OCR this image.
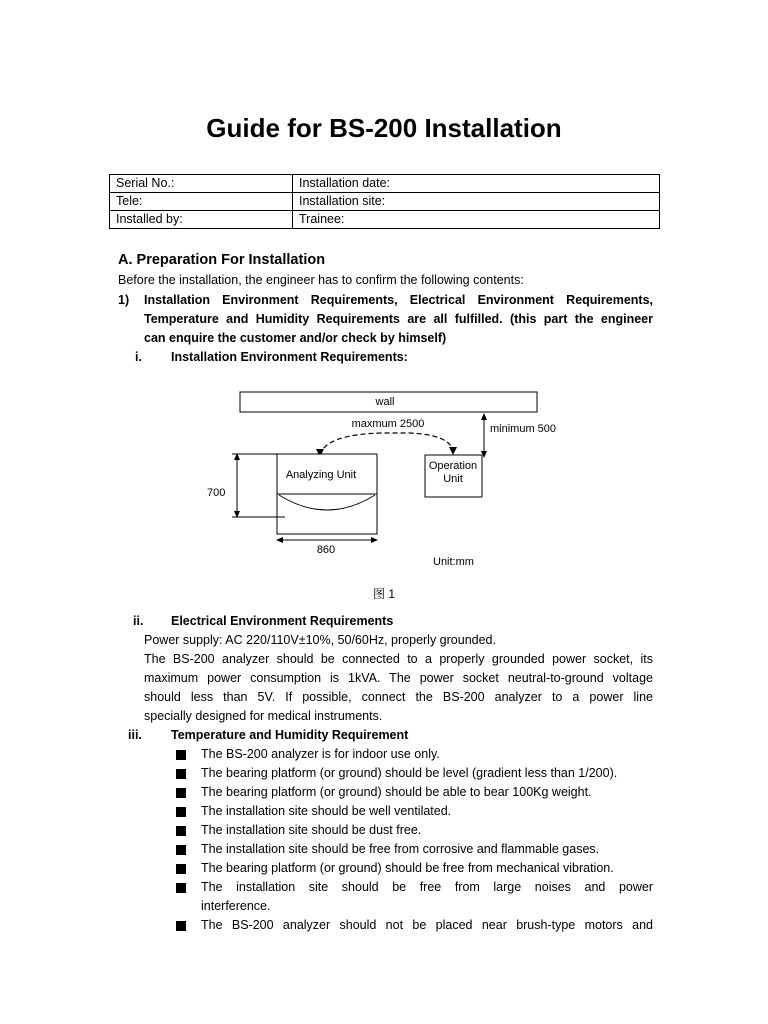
Guide for BS-200 Installation
Serial No.:	Installation date:
Tele:	Installation site:
Installed by:	Trainee:
A. Preparation For Installation
Before the installation, the engineer has to confirm the following contents:
1) Installation Environment Requirements, Electrical Environment Requirements,
Temperature and Humidity Requirements are all fulfilled. (this part the engineer
can enquire the customer and/or check by himself)
i. Installation Environment Requirements:
wall
minimum 500
maxmum 2500
Analyzing Unit
Operation
Unit
700
860
Unit:mm
图 1
ii. Electrical Environment Requirements
Power supply: AC 220/110V±10%, 50/60Hz, properly grounded.
The BS-200 analyzer should be connected to a properly grounded power socket, its
maximum power consumption is 1kVA. The power socket neutral-to-ground voltage
should less than 5V. If possible, connect the BS-200 analyzer to a power line
specially designed for medical instruments.
iii. Temperature and Humidity Requirement
The BS-200 analyzer is for indoor use only.
The bearing platform (or ground) should be level (gradient less than 1/200).
The bearing platform (or ground) should be able to bear 100Kg weight.
The installation site should be well ventilated.
The installation site should be dust free.
The installation site should be free from corrosive and flammable gases.
The bearing platform (or ground) should be free from mechanical vibration.
The installation site should be free from large noises and power
interference.
The BS-200 analyzer should not be placed near brush-type motors and
